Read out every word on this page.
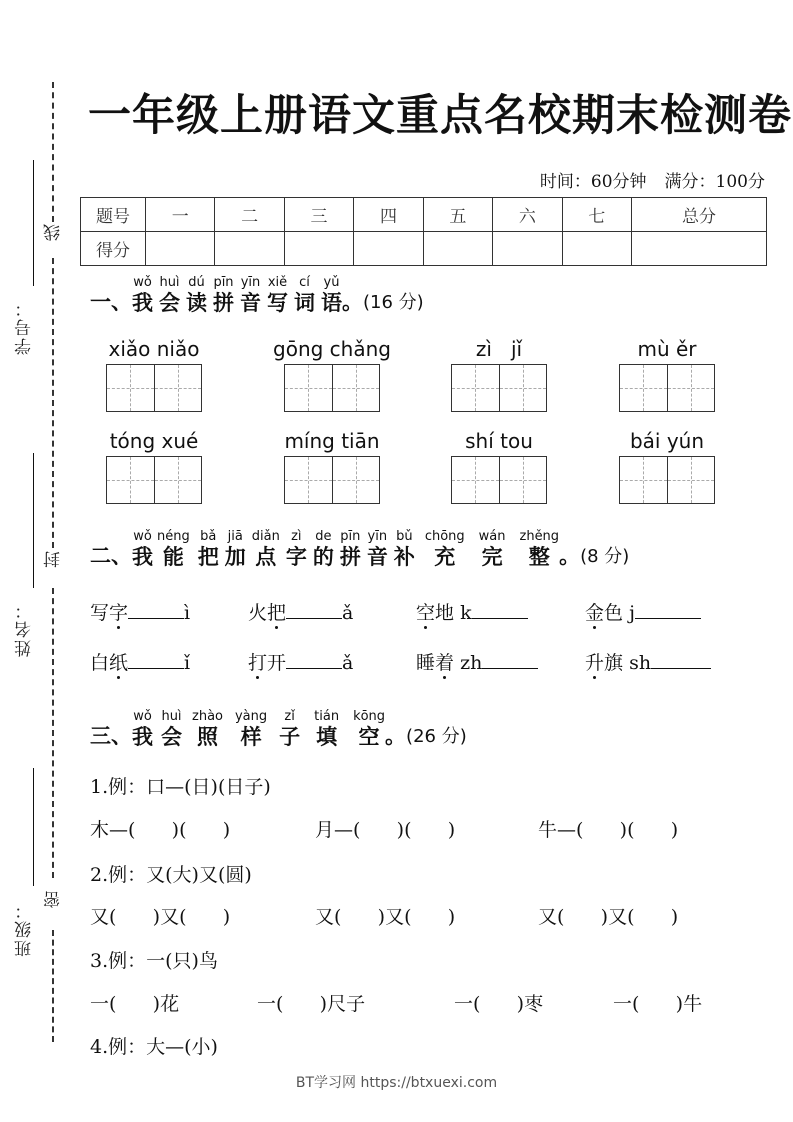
线
封
密
学号：
姓名：
班级：
一年级上册语文重点名校期末检测卷
时间：60分钟 满分：100分
题号	一	二	三	四	五	六	七	总分
得分								
一、
wǒ
我
huì
会
dú
读
pīn
拼
yīn
音
xiě
写
cí
词
yǔ
语 。(16 分)
xiǎo niǎo	gōng chǎng	zì   jǐ	mù ěr
tóng xué	míng tiān	shí tou	bái yún
二、
wǒ
我
néng
能
bǎ
把
jiā
加
diǎn
点
zì
字
de
的
pīn
拼
yīn
音
bǔ
补
chōng
充
wán
完
zhěng
整 。(8 分)
写字	ì	火把	ǎ	空地 k	金色 j
白纸	ǐ	打开	ǎ	睡着 zh	升旗 sh
三、
wǒ
我
huì
会
zhào
照
yàng
样
zǐ
子
tián
填
kōng
空 。(26 分)
1.例：口—(日)(日子)
木—(      )(      )	月—(      )(      )	牛—(      )(      )
2.例：又(大)又(圆)
又(      )又(      )	又(      )又(      )	又(      )又(      )
3.例：一(只)鸟
一(      )花	一(      )尺子	一(      )枣	一(      )牛
4.例：大—(小)
BT学习网 https://btxuexi.com
